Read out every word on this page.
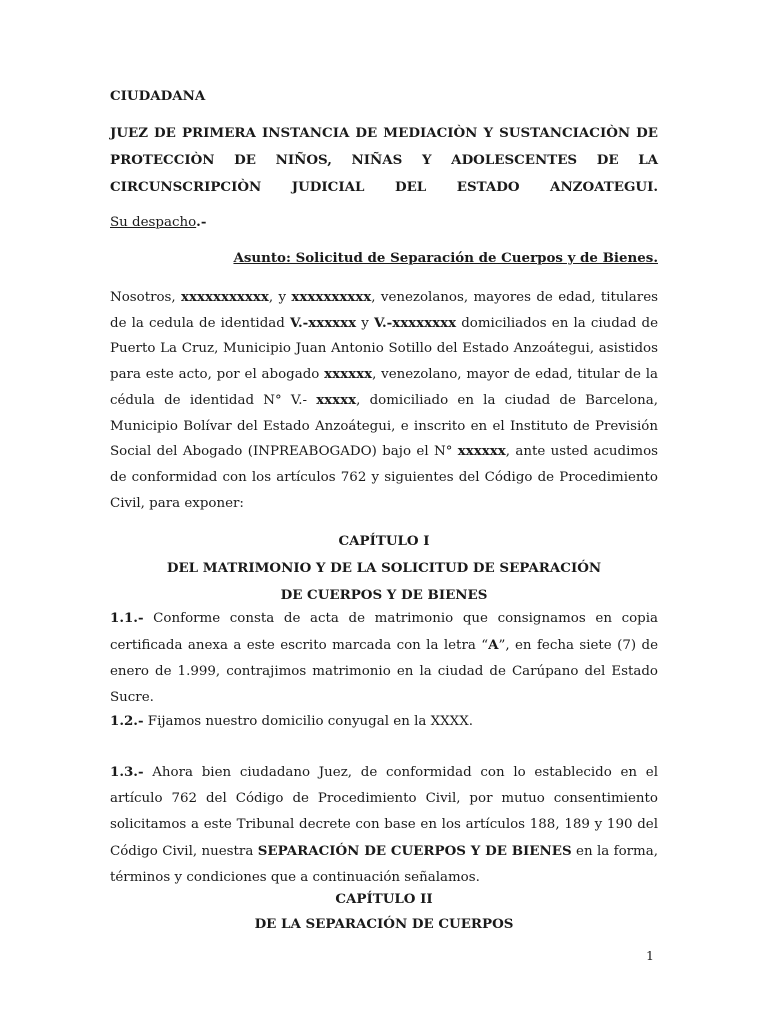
CIUDADANA
JUEZ DE PRIMERA INSTANCIA DE MEDIACIÒN Y SUSTANCIACIÒN DE PROTECCIÒN DE NIÑOS, NIÑAS Y ADOLESCENTES DE LA CIRCUNSCRIPCIÒN JUDICIAL DEL ESTADO ANZOATEGUI.
Su despacho.-
Asunto: Solicitud de Separación de Cuerpos y de Bienes.
Nosotros, xxxxxxxxxxx, y xxxxxxxxxx, venezolanos, mayores de edad, titulares de la cedula de identidad V.-xxxxxx y V.-xxxxxxxx domiciliados en la ciudad de Puerto La Cruz, Municipio Juan Antonio Sotillo del Estado Anzoátegui, asistidos para este acto, por el abogado xxxxxx, venezolano, mayor de edad, titular de la cédula de identidad N° V.- xxxxx, domiciliado en la ciudad de Barcelona, Municipio Bolívar del Estado Anzoátegui, e inscrito en el Instituto de Previsión Social del Abogado (INPREABOGADO) bajo el N° xxxxxx, ante usted acudimos de conformidad con los artículos 762 y siguientes del Código de Procedimiento Civil, para exponer:
CAPÍTULO I
DEL MATRIMONIO Y DE LA SOLICITUD DE SEPARACIÓN
DE CUERPOS Y DE BIENES
1.1.- Conforme consta de acta de matrimonio que consignamos en copia certificada anexa a este escrito marcada con la letra “A”, en fecha siete (7) de enero de 1.999, contrajimos matrimonio en la ciudad de Carúpano del Estado Sucre.
1.2.- Fijamos nuestro domicilio conyugal en la XXXX.
1.3.- Ahora bien ciudadano Juez, de conformidad con lo establecido en el artículo 762 del Código de Procedimiento Civil, por mutuo consentimiento solicitamos a este Tribunal decrete con base en los artículos 188, 189 y 190 del Código Civil, nuestra SEPARACIÓN DE CUERPOS Y DE BIENES en la forma, términos y condiciones que a continuación señalamos.
CAPÍTULO II
DE LA SEPARACIÓN DE CUERPOS
1
